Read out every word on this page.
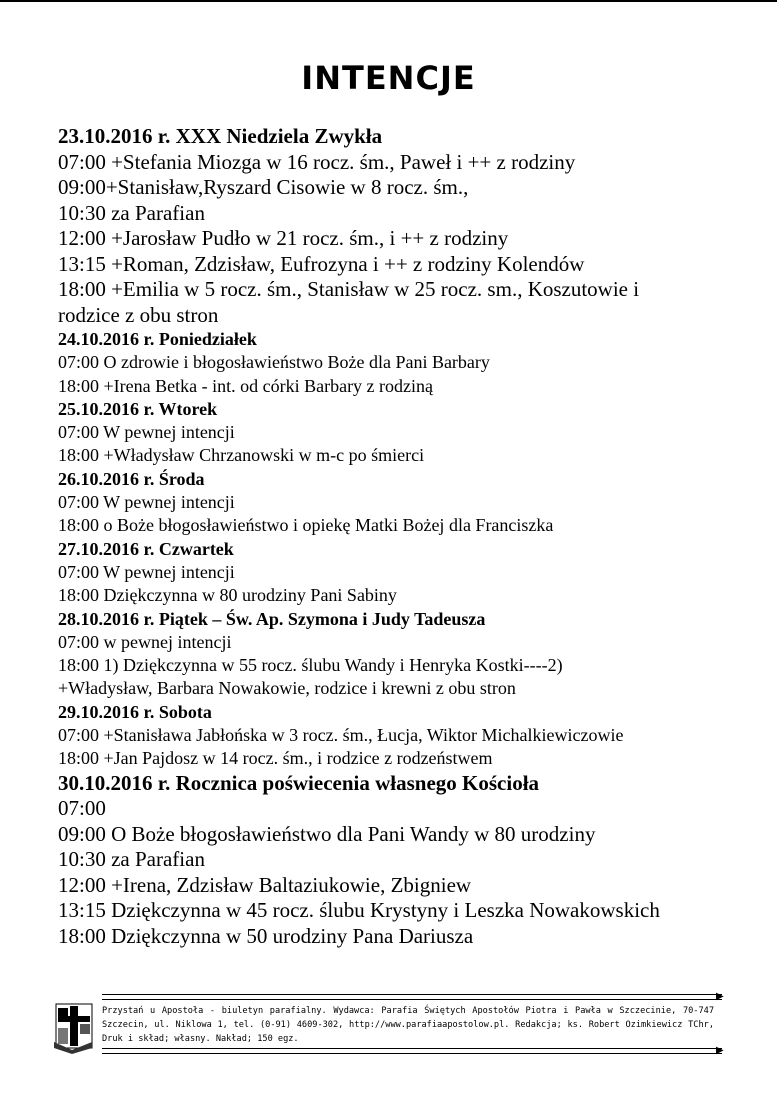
INTENCJE
23.10.2016 r. XXX Niedziela Zwykła
07:00 +Stefania Miozga w 16 rocz. śm., Paweł i ++ z rodziny
09:00+Stanisław,Ryszard Cisowie w 8 rocz. śm.,
10:30 za Parafian
12:00 +Jarosław Pudło w 21 rocz. śm., i ++ z rodziny
13:15 +Roman, Zdzisław, Eufrozyna i ++ z rodziny Kolendów
18:00 +Emilia w 5 rocz. śm., Stanisław w 25 rocz. sm., Koszutowie i
rodzice z obu stron
24.10.2016 r. Poniedziałek
07:00 O zdrowie i błogosławieństwo Boże dla Pani Barbary
18:00 +Irena Betka - int. od córki Barbary z rodziną
25.10.2016 r. Wtorek
07:00 W pewnej intencji
18:00 +Władysław Chrzanowski w m-c po śmierci
26.10.2016 r. Środa
07:00 W pewnej intencji
18:00 o Boże błogosławieństwo i opiekę Matki Bożej dla Franciszka
27.10.2016 r. Czwartek
07:00 W pewnej intencji
18:00 Dziękczynna w 80 urodziny Pani Sabiny
28.10.2016 r. Piątek – Św. Ap. Szymona i Judy Tadeusza
07:00 w pewnej intencji
18:00 1) Dziękczynna w 55 rocz. ślubu Wandy i Henryka Kostki----2)
+Władysław, Barbara Nowakowie, rodzice i krewni z obu stron
29.10.2016 r. Sobota
07:00 +Stanisława Jabłońska w 3 rocz. śm., Łucja, Wiktor Michalkiewiczowie
18:00 +Jan Pajdosz w 14 rocz. śm., i rodzice z rodzeństwem
30.10.2016 r. Rocznica poświecenia własnego Kościoła
07:00
09:00 O Boże błogosławieństwo dla Pani Wandy w 80 urodziny
10:30 za Parafian
12:00 +Irena, Zdzisław Baltaziukowie, Zbigniew
13:15 Dziękczynna w 45 rocz. ślubu Krystyny i Leszka Nowakowskich
18:00 Dziękczynna w 50 urodziny Pana Dariusza
▶
Przystań u Apostoła - biuletyn parafialny. Wydawca: Parafia Świętych Apostołów Piotra i Pawła w Szczecinie, 70-747 Szczecin, ul. Niklowa 1, tel. (0-91) 4609-302, http://www.parafiaapostolow.pl. Redakcja; ks. Robert Ozimkiewicz TChr, Druk i skład; własny. Nakład; 150 egz.
▶
